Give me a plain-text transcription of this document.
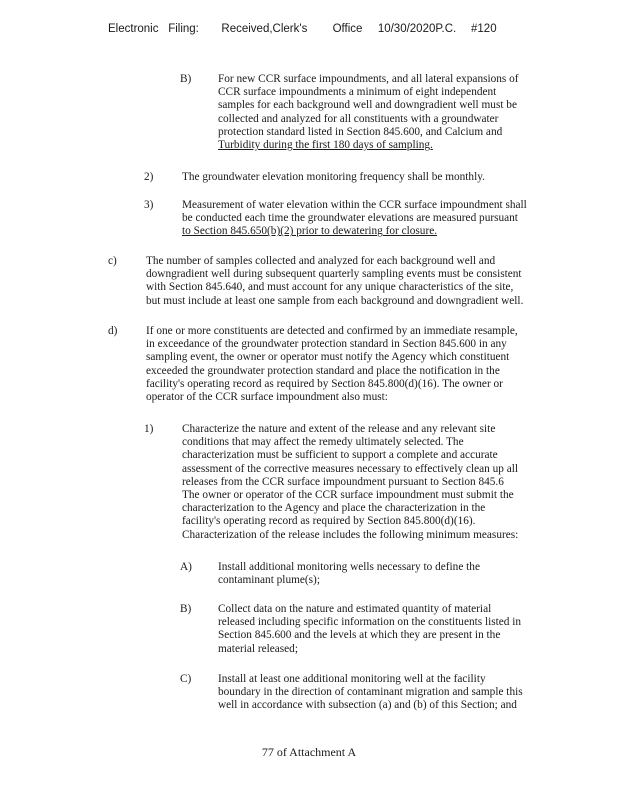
Electronic Filing: Received,Clerk's Office 10/30/2020P.C. #120
B) For new CCR surface impoundments, and all lateral expansions of
CCR surface impoundments a minimum of eight independent
samples for each background well and downgradient well must be
collected and analyzed for all constituents with a groundwater
protection standard listed in Section 845.600, and Calcium and
Turbidity during the first 180 days of sampling.
2)	The groundwater elevation monitoring frequency shall be monthly.
3)	Measurement of water elevation within the CCR surface impoundment shall
be conducted each time the groundwater elevations are measured pursuant
to Section 845.650(b)(2) prior to dewatering for closure.
c)	The number of samples collected and analyzed for each background well and
downgradient well during subsequent quarterly sampling events must be consistent
with Section 845.640, and must account for any unique characteristics of the site,
but must include at least one sample from each background and downgradient well.
d)	If one or more constituents are detected and confirmed by an immediate resample,
in exceedance of the groundwater protection standard in Section 845.600 in any
sampling event, the owner or operator must notify the Agency which constituent
exceeded the groundwater protection standard and place the notification in the
facility's operating record as required by Section 845.800(d)(16). The owner or
operator of the CCR surface impoundment also must:
1)	Characterize the nature and extent of the release and any relevant site
conditions that may affect the remedy ultimately selected. The
characterization must be sufficient to support a complete and accurate
assessment of the corrective measures necessary to effectively clean up all
releases from the CCR surface impoundment pursuant to Section 845.6
The owner or operator of the CCR surface impoundment must submit the
characterization to the Agency and place the characterization in the
facility's operating record as required by Section 845.800(d)(16).
Characterization of the release includes the following minimum measures:
A) Install additional monitoring wells necessary to define the
contaminant plume(s);
B) Collect data on the nature and estimated quantity of material
released including specific information on the constituents listed in
Section 845.600 and the levels at which they are present in the
material released;
C) Install at least one additional monitoring well at the facility
boundary in the direction of contaminant migration and sample this
well in accordance with subsection (a) and (b) of this Section; and
77 of Attachment A
